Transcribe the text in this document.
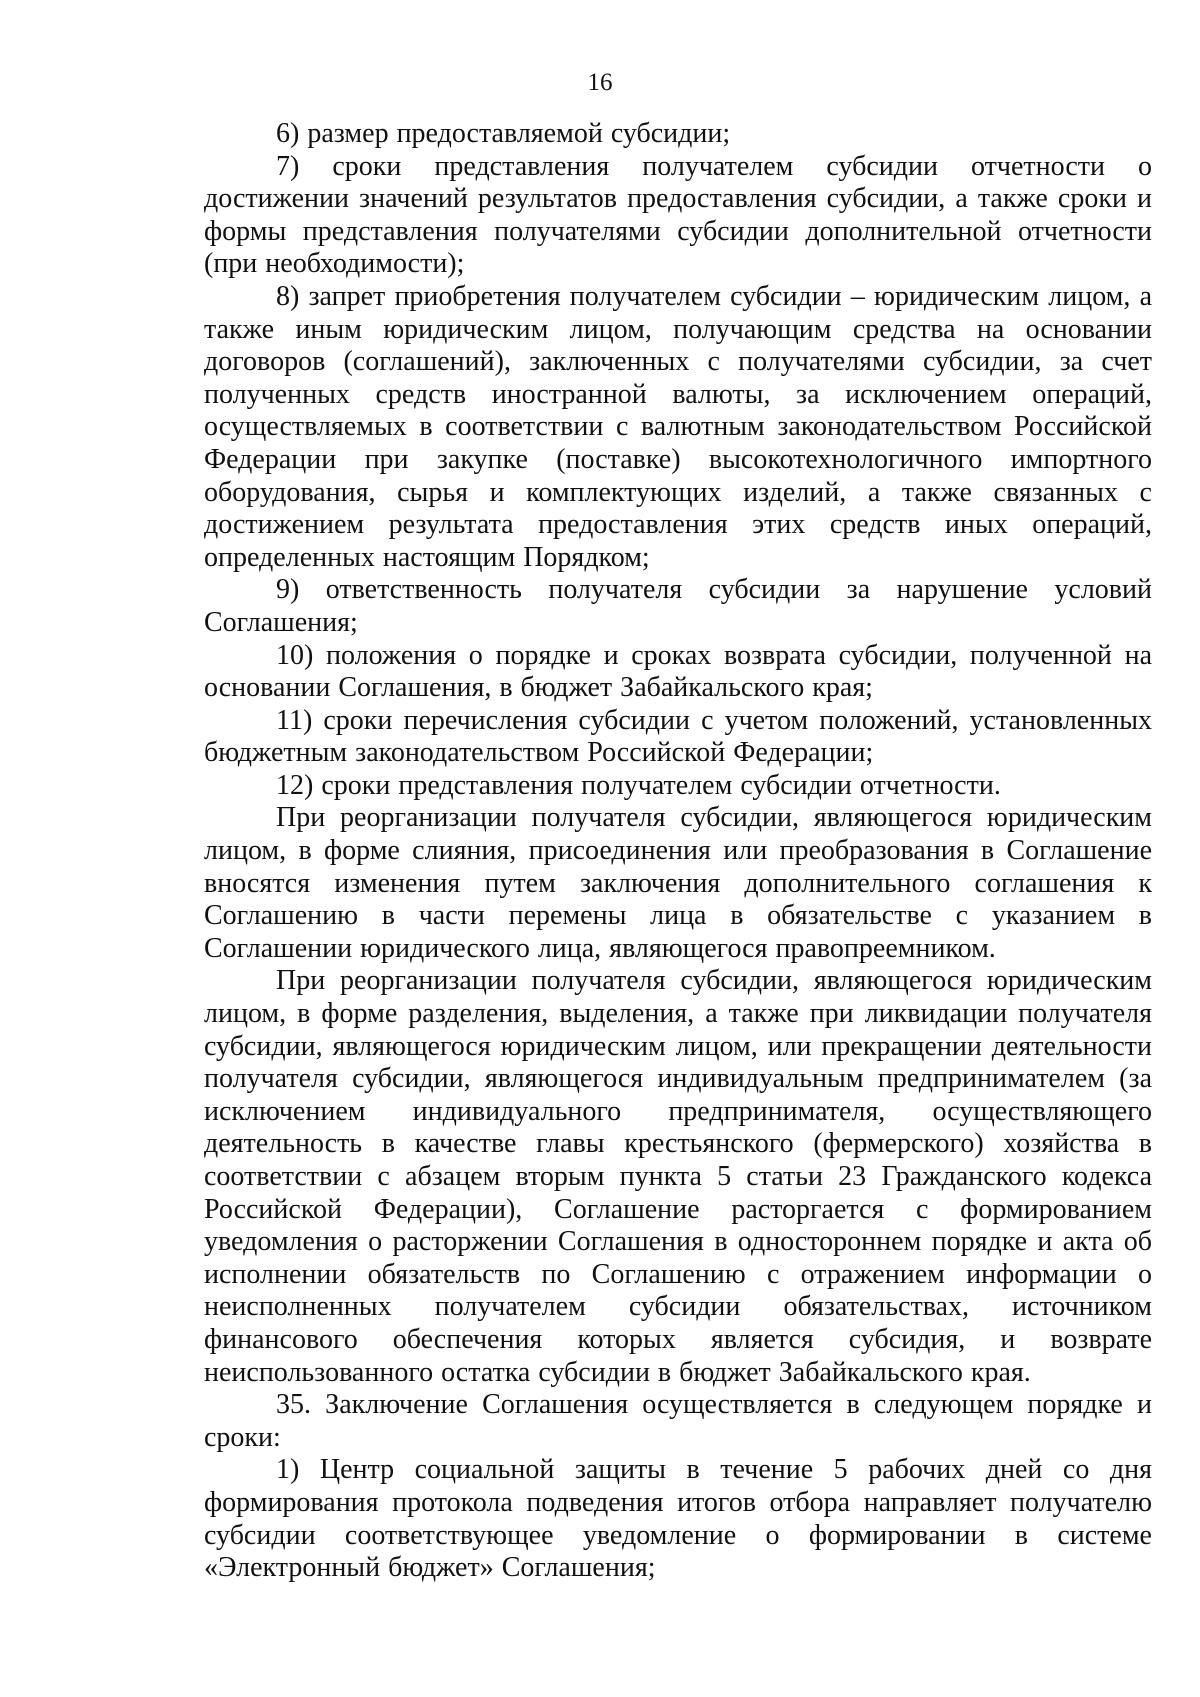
16

6) размер предоставляемой субсидии;

7) сроки представления получателем субсидии отчетности о достижении значений результатов предоставления субсидии, а также сроки и формы представления получателями субсидии дополнительной отчетности (при необходимости);

8) запрет приобретения получателем субсидии – юридическим лицом, а также иным юридическим лицом, получающим средства на основании договоров (соглашений), заключенных с получателями субсидии, за счет полученных средств иностранной валюты, за исключением операций, осуществляемых в соответствии с валютным законодательством Российской Федерации при закупке (поставке) высокотехнологичного импортного оборудования, сырья и комплектующих изделий, а также связанных с достижением результата предоставления этих средств иных операций, определенных настоящим Порядком;

9) ответственность получателя субсидии за нарушение условий Соглашения;

10) положения о порядке и сроках возврата субсидии, полученной на основании Соглашения, в бюджет Забайкальского края;

11) сроки перечисления субсидии с учетом положений, установленных бюджетным законодательством Российской Федерации;

12) сроки представления получателем субсидии отчетности.

При реорганизации получателя субсидии, являющегося юридическим лицом, в форме слияния, присоединения или преобразования в Соглашение вносятся изменения путем заключения дополнительного соглашения к Соглашению в части перемены лица в обязательстве с указанием в Соглашении юридического лица, являющегося правопреемником.

При реорганизации получателя субсидии, являющегося юридическим лицом, в форме разделения, выделения, а также при ликвидации получателя субсидии, являющегося юридическим лицом, или прекращении деятельности получателя субсидии, являющегося индивидуальным предпринимателем (за исключением индивидуального предпринимателя, осуществляющего деятельность в качестве главы крестьянского (фермерского) хозяйства в соответствии с абзацем вторым пункта 5 статьи 23 Гражданского кодекса Российской Федерации), Соглашение расторгается с формированием уведомления о расторжении Соглашения в одностороннем порядке и акта об исполнении обязательств по Соглашению с отражением информации о неисполненных получателем субсидии обязательствах, источником финансового обеспечения которых является субсидия, и возврате неиспользованного остатка субсидии в бюджет Забайкальского края.

35. Заключение Соглашения осуществляется в следующем порядке и сроки:

1) Центр социальной защиты в течение 5 рабочих дней со дня формирования протокола подведения итогов отбора направляет получателю субсидии соответствующее уведомление о формировании в системе «Электронный бюджет» Соглашения;
